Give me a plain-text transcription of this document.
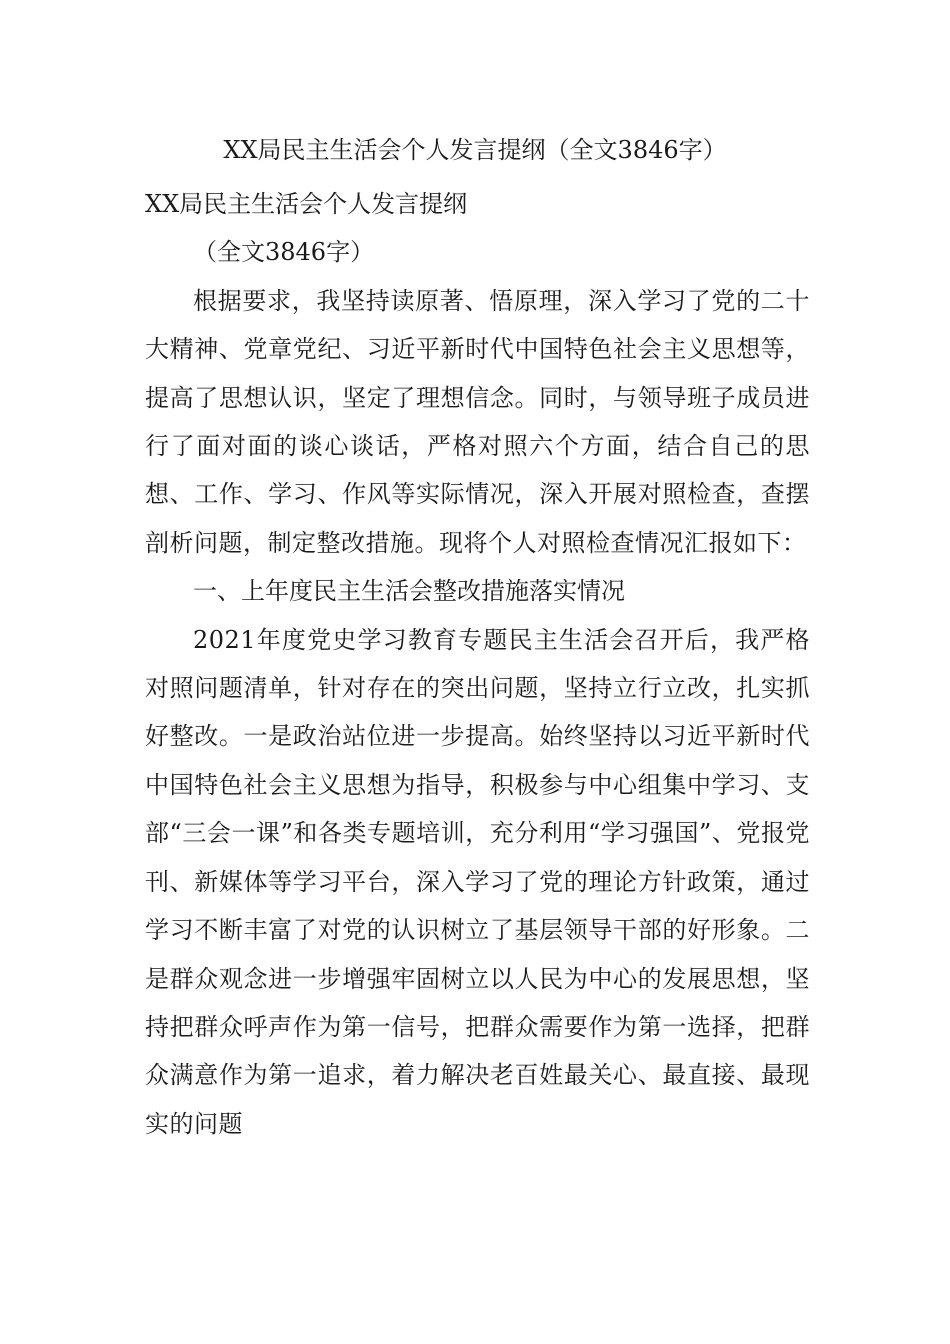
XX局民主生活会个人发言提纲（全文3846字）

XX局民主生活会个人发言提纲

（全文3846字）

根据要求，我坚持读原著、悟原理，深入学习了党的二十大精神、党章党纪、习近平新时代中国特色社会主义思想等，提高了思想认识，坚定了理想信念。同时，与领导班子成员进行了面对面的谈心谈话，严格对照六个方面，结合自己的思想、工作、学习、作风等实际情况，深入开展对照检查，查摆剖析问题，制定整改措施。现将个人对照检查情况汇报如下：

一、上年度民主生活会整改措施落实情况

2021年度党史学习教育专题民主生活会召开后，我严格对照问题清单，针对存在的突出问题，坚持立行立改，扎实抓好整改。一是政治站位进一步提高。始终坚持以习近平新时代中国特色社会主义思想为指导，积极参与中心组集中学习、支部“三会一课”和各类专题培训，充分利用“学习强国”、党报党刊、新媒体等学习平台，深入学习了党的理论方针政策，通过学习不断丰富了对党的认识树立了基层领导干部的好形象。二是群众观念进一步增强牢固树立以人民为中心的发展思想，坚持把群众呼声作为第一信号，把群众需要作为第一选择，把群众满意作为第一追求，着力解决老百姓最关心、最直接、最现实的问题
